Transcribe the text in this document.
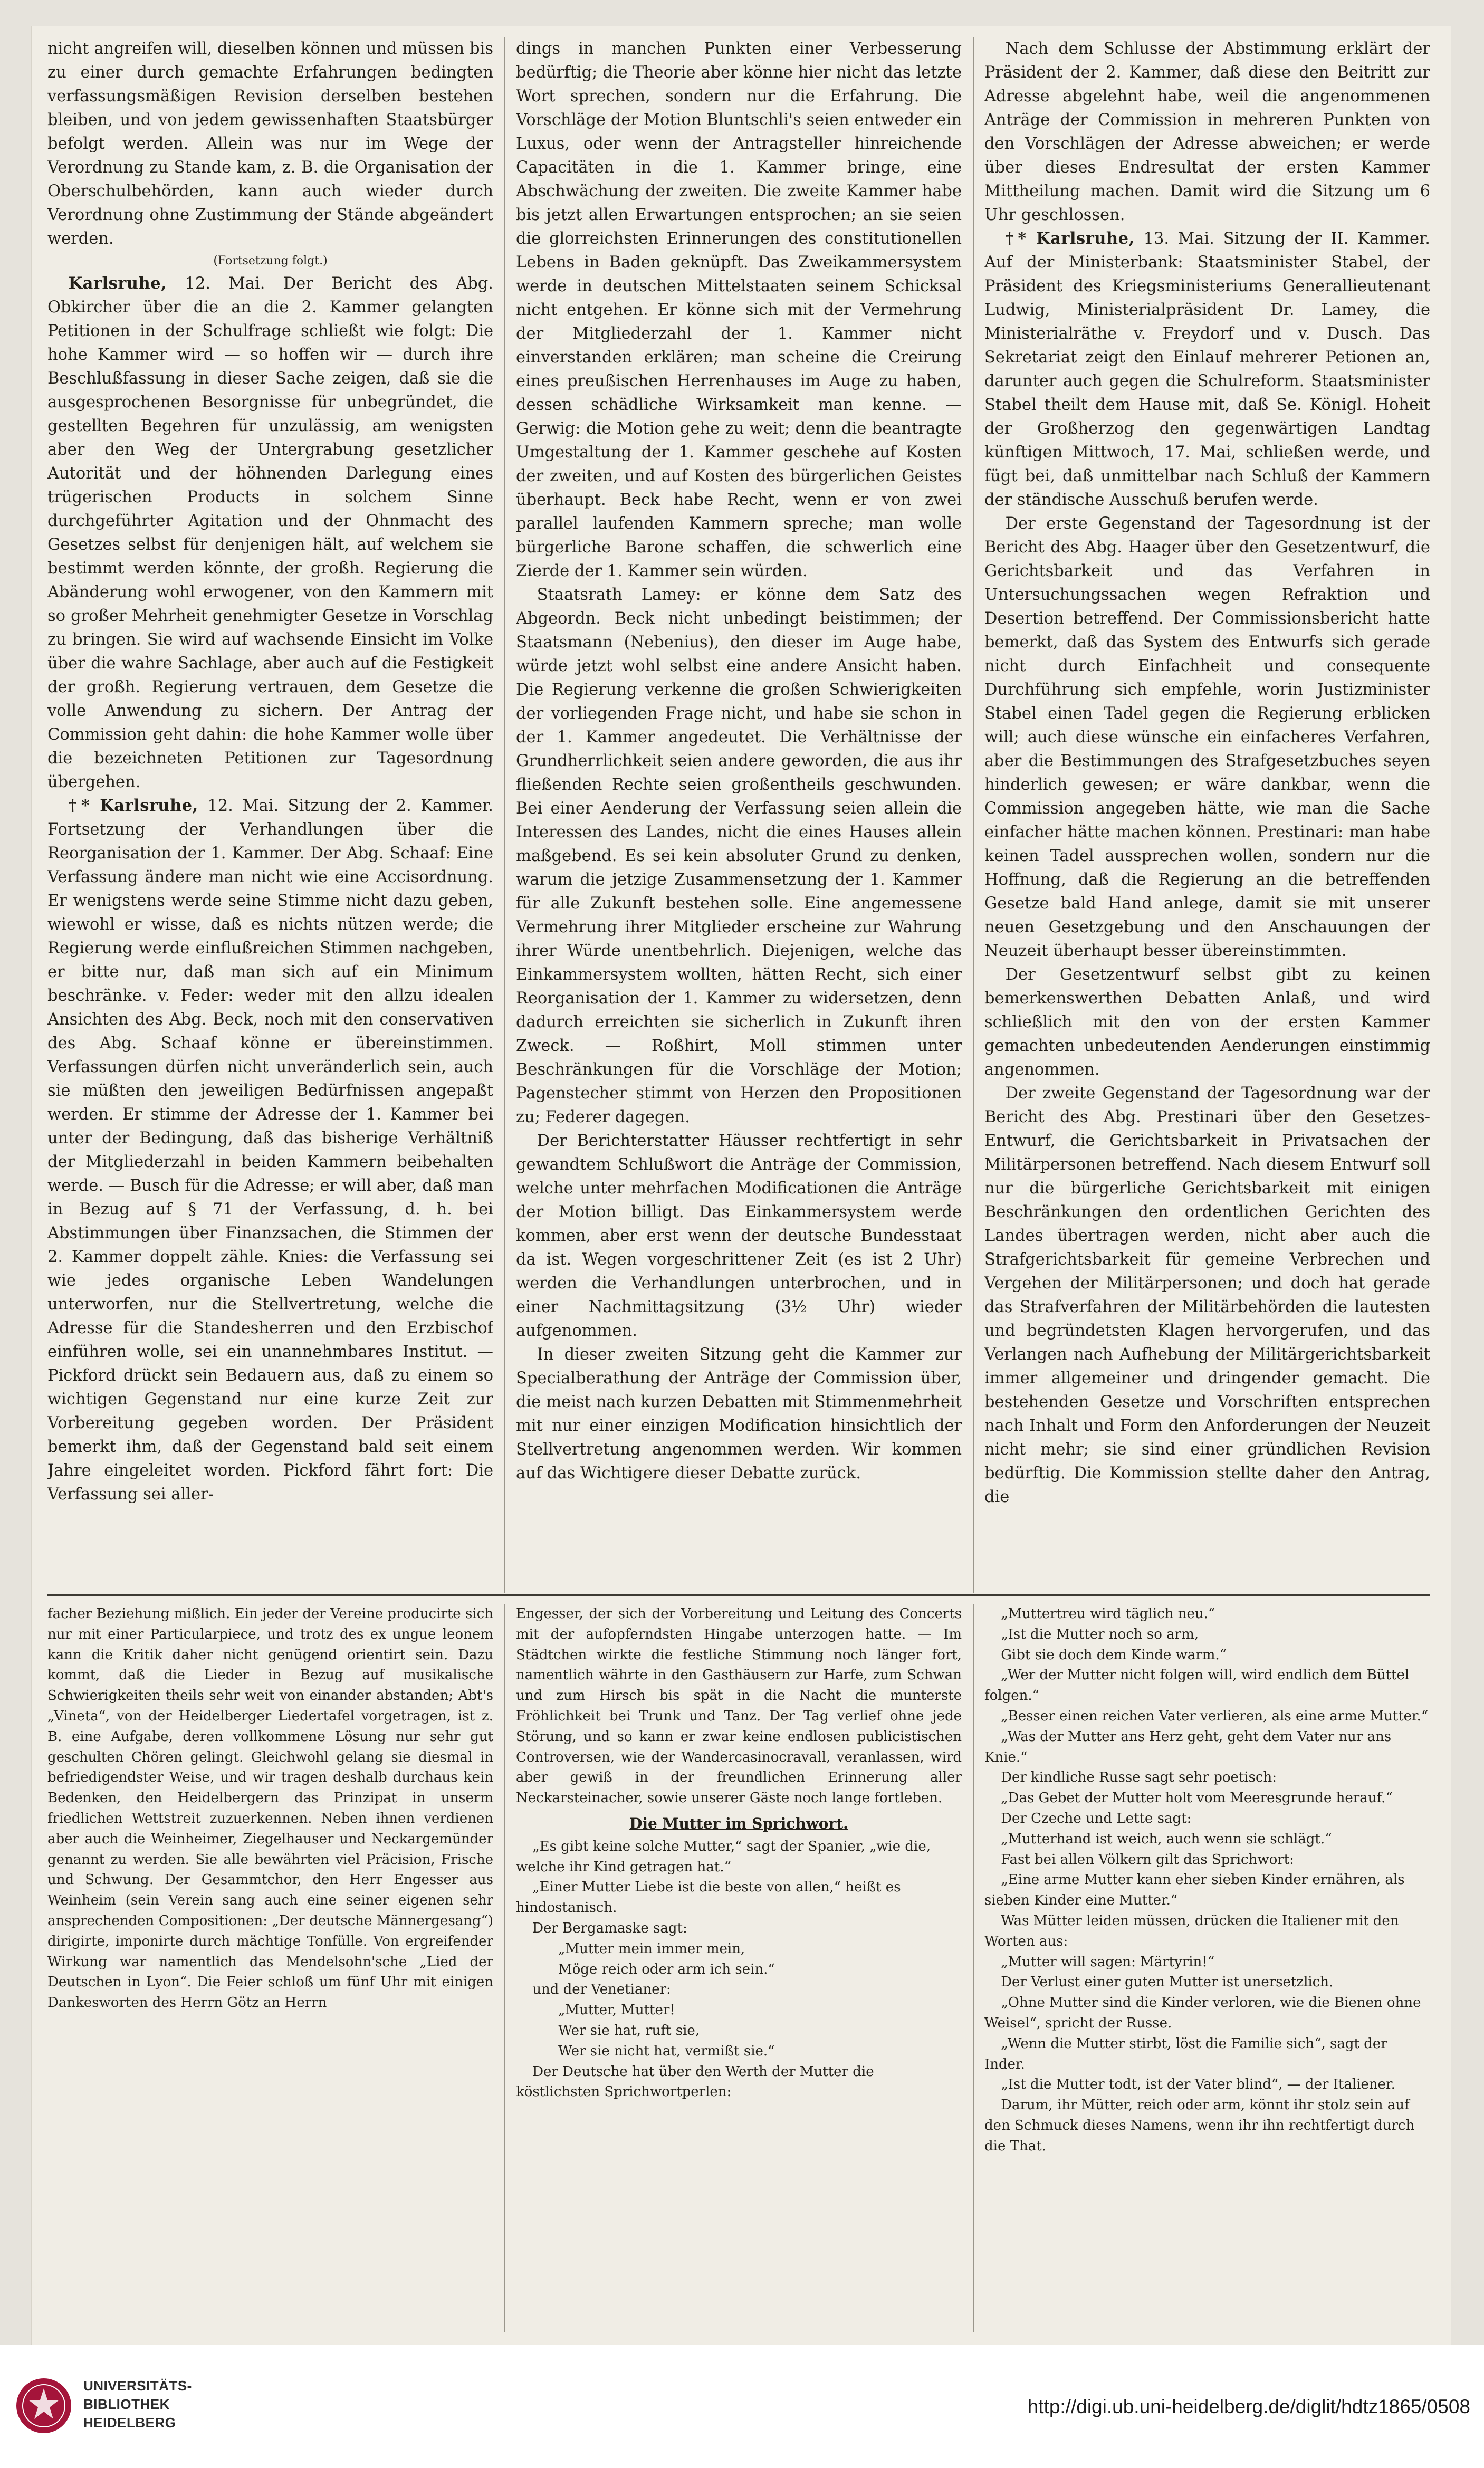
nicht angreifen will, dieselben können und müssen bis zu einer durch gemachte Erfahrungen bedingten verfassungsmäßigen Revision derselben bestehen bleiben, und von jedem gewissenhaften Staatsbürger befolgt werden. Allein was nur im Wege der Verordnung zu Stande kam, z. B. die Organisation der Oberschulbehörden, kann auch wieder durch Verordnung ohne Zustimmung der Stände abgeändert werden.

(Fortsetzung folgt.)

Karlsruhe, 12. Mai. Der Bericht des Abg. Obkircher über die an die 2. Kammer gelangten Petitionen in der Schulfrage schließt wie folgt: Die hohe Kammer wird — so hoffen wir — durch ihre Beschlußfassung in dieser Sache zeigen, daß sie die ausgesprochenen Besorgnisse für unbegründet, die gestellten Begehren für unzulässig, am wenigsten aber den Weg der Untergrabung gesetzlicher Autorität und der höhnenden Darlegung eines trügerischen Products in solchem Sinne durchgeführter Agitation und der Ohnmacht des Gesetzes selbst für denjenigen hält, auf welchem sie bestimmt werden könnte, der großh. Regierung die Abänderung wohl erwogener, von den Kammern mit so großer Mehrheit genehmigter Gesetze in Vorschlag zu bringen. Sie wird auf wachsende Einsicht im Volke über die wahre Sachlage, aber auch auf die Festigkeit der großh. Regierung vertrauen, dem Gesetze die volle Anwendung zu sichern. Der Antrag der Commission geht dahin: die hohe Kammer wolle über die bezeichneten Petitionen zur Tagesordnung übergehen.

†* Karlsruhe, 12. Mai. Sitzung der 2. Kammer. Fortsetzung der Verhandlungen über die Reorganisation der 1. Kammer. Der Abg. Schaaf: Eine Verfassung ändere man nicht wie eine Accisordnung. Er wenigstens werde seine Stimme nicht dazu geben, wiewohl er wisse, daß es nichts nützen werde; die Regierung werde einflußreichen Stimmen nachgeben, er bitte nur, daß man sich auf ein Minimum beschränke. v. Feder: weder mit den allzu idealen Ansichten des Abg. Beck, noch mit den conservativen des Abg. Schaaf könne er übereinstimmen. Verfassungen dürfen nicht unveränderlich sein, auch sie müßten den jeweiligen Bedürfnissen angepaßt werden. Er stimme der Adresse der 1. Kammer bei unter der Bedingung, daß das bisherige Verhältniß der Mitgliederzahl in beiden Kammern beibehalten werde. — Busch für die Adresse; er will aber, daß man in Bezug auf § 71 der Verfassung, d. h. bei Abstimmungen über Finanzsachen, die Stimmen der 2. Kammer doppelt zähle. Knies: die Verfassung sei wie jedes organische Leben Wandelungen unterworfen, nur die Stellvertretung, welche die Adresse für die Standesherren und den Erzbischof einführen wolle, sei ein unannehmbares Institut. — Pickford drückt sein Bedauern aus, daß zu einem so wichtigen Gegenstand nur eine kurze Zeit zur Vorbereitung gegeben worden. Der Präsident bemerkt ihm, daß der Gegenstand bald seit einem Jahre eingeleitet worden. Pickford fährt fort: Die Verfassung sei aller-

dings in manchen Punkten einer Verbesserung bedürftig; die Theorie aber könne hier nicht das letzte Wort sprechen, sondern nur die Erfahrung. Die Vorschläge der Motion Bluntschli's seien entweder ein Luxus, oder wenn der Antragsteller hinreichende Capacitäten in die 1. Kammer bringe, eine Abschwächung der zweiten. Die zweite Kammer habe bis jetzt allen Erwartungen entsprochen; an sie seien die glorreichsten Erinnerungen des constitutionellen Lebens in Baden geknüpft. Das Zweikammersystem werde in deutschen Mittelstaaten seinem Schicksal nicht entgehen. Er könne sich mit der Vermehrung der Mitgliederzahl der 1. Kammer nicht einverstanden erklären; man scheine die Creirung eines preußischen Herrenhauses im Auge zu haben, dessen schädliche Wirksamkeit man kenne. — Gerwig: die Motion gehe zu weit; denn die beantragte Umgestaltung der 1. Kammer geschehe auf Kosten der zweiten, und auf Kosten des bürgerlichen Geistes überhaupt. Beck habe Recht, wenn er von zwei parallel laufenden Kammern spreche; man wolle bürgerliche Barone schaffen, die schwerlich eine Zierde der 1. Kammer sein würden.

Staatsrath Lamey: er könne dem Satz des Abgeordn. Beck nicht unbedingt beistimmen; der Staatsmann (Nebenius), den dieser im Auge habe, würde jetzt wohl selbst eine andere Ansicht haben. Die Regierung verkenne die großen Schwierigkeiten der vorliegenden Frage nicht, und habe sie schon in der 1. Kammer angedeutet. Die Verhältnisse der Grundherrlichkeit seien andere geworden, die aus ihr fließenden Rechte seien großentheils geschwunden. Bei einer Aenderung der Verfassung seien allein die Interessen des Landes, nicht die eines Hauses allein maßgebend. Es sei kein absoluter Grund zu denken, warum die jetzige Zusammensetzung der 1. Kammer für alle Zukunft bestehen solle. Eine angemessene Vermehrung ihrer Mitglieder erscheine zur Wahrung ihrer Würde unentbehrlich. Diejenigen, welche das Einkammersystem wollten, hätten Recht, sich einer Reorganisation der 1. Kammer zu widersetzen, denn dadurch erreichten sie sicherlich in Zukunft ihren Zweck. — Roßhirt, Moll stimmen unter Beschränkungen für die Vorschläge der Motion; Pagenstecher stimmt von Herzen den Propositionen zu; Federer dagegen.

Der Berichterstatter Häusser rechtfertigt in sehr gewandtem Schlußwort die Anträge der Commission, welche unter mehrfachen Modificationen die Anträge der Motion billigt. Das Einkammersystem werde kommen, aber erst wenn der deutsche Bundesstaat da ist. Wegen vorgeschrittener Zeit (es ist 2 Uhr) werden die Verhandlungen unterbrochen, und in einer Nachmittagsitzung (3½ Uhr) wieder aufgenommen.

In dieser zweiten Sitzung geht die Kammer zur Specialberathung der Anträge der Commission über, die meist nach kurzen Debatten mit Stimmenmehrheit mit nur einer einzigen Modification hinsichtlich der Stellvertretung angenommen werden. Wir kommen auf das Wichtigere dieser Debatte zurück.

Nach dem Schlusse der Abstimmung erklärt der Präsident der 2. Kammer, daß diese den Beitritt zur Adresse abgelehnt habe, weil die angenommenen Anträge der Commission in mehreren Punkten von den Vorschlägen der Adresse abweichen; er werde über dieses Endresultat der ersten Kammer Mittheilung machen. Damit wird die Sitzung um 6 Uhr geschlossen.

†* Karlsruhe, 13. Mai. Sitzung der II. Kammer. Auf der Ministerbank: Staatsminister Stabel, der Präsident des Kriegsministeriums Generallieutenant Ludwig, Ministerialpräsident Dr. Lamey, die Ministerialräthe v. Freydorf und v. Dusch. Das Sekretariat zeigt den Einlauf mehrerer Petionen an, darunter auch gegen die Schulreform. Staatsminister Stabel theilt dem Hause mit, daß Se. Königl. Hoheit der Großherzog den gegenwärtigen Landtag künftigen Mittwoch, 17. Mai, schließen werde, und fügt bei, daß unmittelbar nach Schluß der Kammern der ständische Ausschuß berufen werde.

Der erste Gegenstand der Tagesordnung ist der Bericht des Abg. Haager über den Gesetzentwurf, die Gerichtsbarkeit und das Verfahren in Untersuchungssachen wegen Refraktion und Desertion betreffend. Der Commissionsbericht hatte bemerkt, daß das System des Entwurfs sich gerade nicht durch Einfachheit und consequente Durchführung sich empfehle, worin Justizminister Stabel einen Tadel gegen die Regierung erblicken will; auch diese wünsche ein einfacheres Verfahren, aber die Bestimmungen des Strafgesetzbuches seyen hinderlich gewesen; er wäre dankbar, wenn die Commission angegeben hätte, wie man die Sache einfacher hätte machen können. Prestinari: man habe keinen Tadel aussprechen wollen, sondern nur die Hoffnung, daß die Regierung an die betreffenden Gesetze bald Hand anlege, damit sie mit unserer neuen Gesetzgebung und den Anschauungen der Neuzeit überhaupt besser übereinstimmten.

Der Gesetzentwurf selbst gibt zu keinen bemerkenswerthen Debatten Anlaß, und wird schließlich mit den von der ersten Kammer gemachten unbedeutenden Aenderungen einstimmig angenommen.

Der zweite Gegenstand der Tagesordnung war der Bericht des Abg. Prestinari über den Gesetzes-Entwurf, die Gerichtsbarkeit in Privatsachen der Militärpersonen betreffend. Nach diesem Entwurf soll nur die bürgerliche Gerichtsbarkeit mit einigen Beschränkungen den ordentlichen Gerichten des Landes übertragen werden, nicht aber auch die Strafgerichtsbarkeit für gemeine Verbrechen und Vergehen der Militärpersonen; und doch hat gerade das Strafverfahren der Militärbehörden die lautesten und begründetsten Klagen hervorgerufen, und das Verlangen nach Aufhebung der Militärgerichtsbarkeit immer allgemeiner und dringender gemacht. Die bestehenden Gesetze und Vorschriften entsprechen nach Inhalt und Form den Anforderungen der Neuzeit nicht mehr; sie sind einer gründlichen Revision bedürftig. Die Kommission stellte daher den Antrag, die

facher Beziehung mißlich. Ein jeder der Vereine producirte sich nur mit einer Particularpiece, und trotz des ex ungue leonem kann die Kritik daher nicht genügend orientirt sein. Dazu kommt, daß die Lieder in Bezug auf musikalische Schwierigkeiten theils sehr weit von einander abstanden; Abt's „Vineta“, von der Heidelberger Liedertafel vorgetragen, ist z. B. eine Aufgabe, deren vollkommene Lösung nur sehr gut geschulten Chören gelingt. Gleichwohl gelang sie diesmal in befriedigendster Weise, und wir tragen deshalb durchaus kein Bedenken, den Heidelbergern das Prinzipat in unserm friedlichen Wettstreit zuzuerkennen. Neben ihnen verdienen aber auch die Weinheimer, Ziegelhauser und Neckargemünder genannt zu werden. Sie alle bewährten viel Präcision, Frische und Schwung. Der Gesammtchor, den Herr Engesser aus Weinheim (sein Verein sang auch eine seiner eigenen sehr ansprechenden Compositionen: „Der deutsche Männergesang“) dirigirte, imponirte durch mächtige Tonfülle. Von ergreifender Wirkung war namentlich das Mendelsohn'sche „Lied der Deutschen in Lyon“. Die Feier schloß um fünf Uhr mit einigen Dankesworten des Herrn Götz an Herrn

Engesser, der sich der Vorbereitung und Leitung des Concerts mit der aufopferndsten Hingabe unterzogen hatte. — Im Städtchen wirkte die festliche Stimmung noch länger fort, namentlich währte in den Gasthäusern zur Harfe, zum Schwan und zum Hirsch bis spät in die Nacht die munterste Fröhlichkeit bei Trunk und Tanz. Der Tag verlief ohne jede Störung, und so kann er zwar keine endlosen publicistischen Controversen, wie der Wandercasinocravall, veranlassen, wird aber gewiß in der freundlichen Erinnerung aller Neckarsteinacher, sowie unserer Gäste noch lange fortleben.

Die Mutter im Sprichwort.

„Es gibt keine solche Mutter,“ sagt der Spanier, „wie die, welche ihr Kind getragen hat.“

„Einer Mutter Liebe ist die beste von allen,“ heißt es hindostanisch.

Der Bergamaske sagt:

„Mutter mein immer mein,

Möge reich oder arm ich sein.“

und der Venetianer:

„Mutter, Mutter!

Wer sie hat, ruft sie,

Wer sie nicht hat, vermißt sie.“

Der Deutsche hat über den Werth der Mutter die köstlichsten Sprichwortperlen:

„Muttertreu wird täglich neu.“

„Ist die Mutter noch so arm,

Gibt sie doch dem Kinde warm.“

„Wer der Mutter nicht folgen will, wird endlich dem Büttel folgen.“

„Besser einen reichen Vater verlieren, als eine arme Mutter.“

„Was der Mutter ans Herz geht, geht dem Vater nur ans Knie.“

Der kindliche Russe sagt sehr poetisch:

„Das Gebet der Mutter holt vom Meeresgrunde herauf.“

Der Czeche und Lette sagt:

„Mutterhand ist weich, auch wenn sie schlägt.“

Fast bei allen Völkern gilt das Sprichwort:

„Eine arme Mutter kann eher sieben Kinder ernähren, als sieben Kinder eine Mutter.“

Was Mütter leiden müssen, drücken die Italiener mit den Worten aus:

„Mutter will sagen: Märtyrin!“

Der Verlust einer guten Mutter ist unersetzlich.

„Ohne Mutter sind die Kinder verloren, wie die Bienen ohne Weisel“, spricht der Russe.

„Wenn die Mutter stirbt, löst die Familie sich“, sagt der Inder.

„Ist die Mutter todt, ist der Vater blind“, — der Italiener.

Darum, ihr Mütter, reich oder arm, könnt ihr stolz sein auf den Schmuck dieses Namens, wenn ihr ihn rechtfertigt durch die That.

UNIVERSITÄTS-
BIBLIOTHEK
HEIDELBERG
http://digi.ub.uni-heidelberg.de/diglit/hdtz1865/0508
